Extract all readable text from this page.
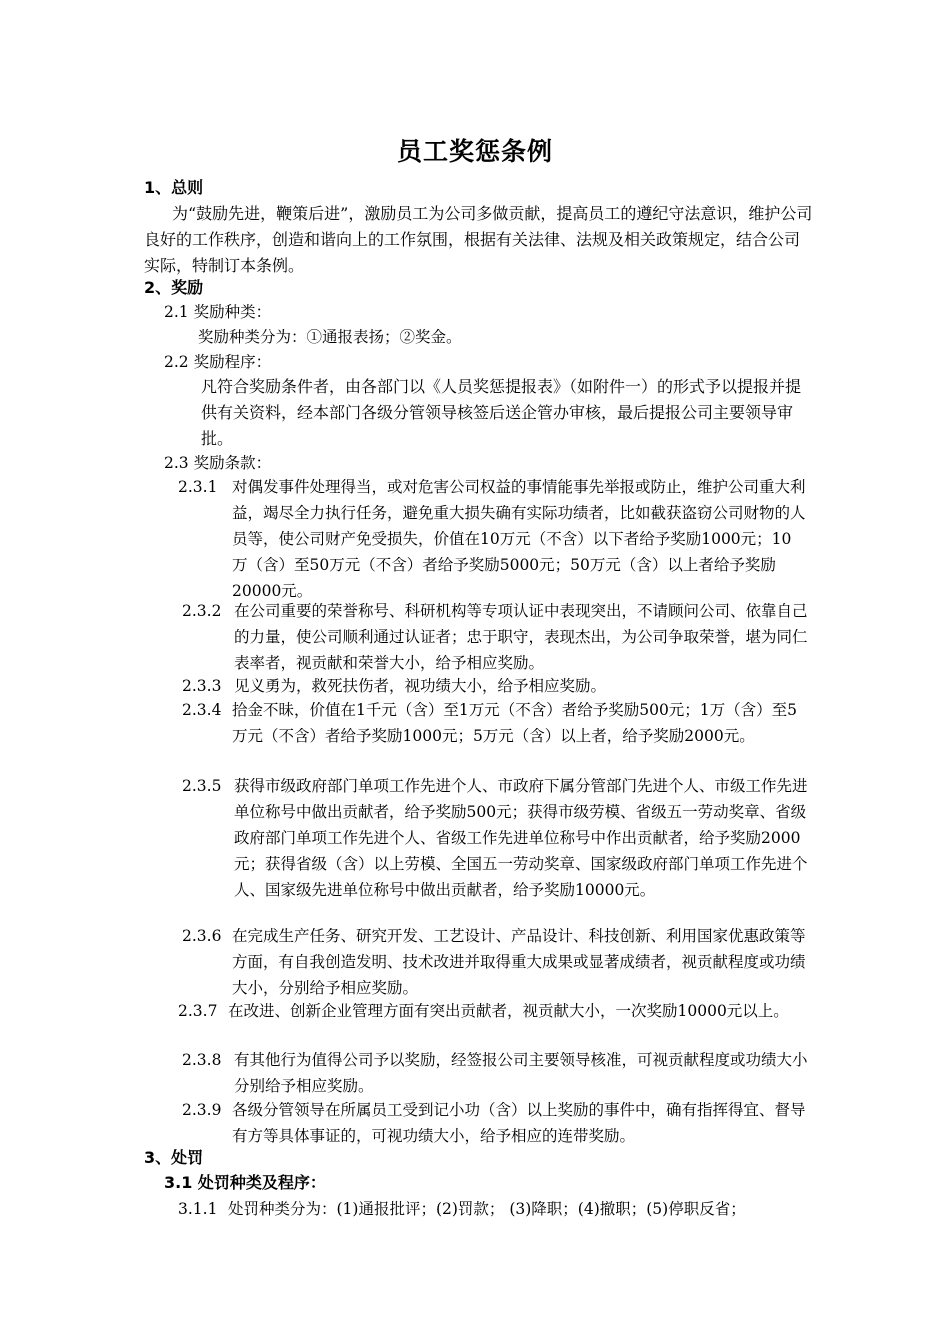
员工奖惩条例
1、总则
为“鼓励先进，鞭策后进”，激励员工为公司多做贡献，提高员工的遵纪守法意识，维护公司良好的工作秩序，创造和谐向上的工作氛围，根据有关法律、法规及相关政策规定，结合公司实际，特制订本条例。
2、奖励
2.1 奖励种类：
奖励种类分为：①通报表扬；②奖金。
2.2 奖励程序：
凡符合奖励条件者，由各部门以《人员奖惩提报表》（如附件一）的形式予以提报并提供有关资料，经本部门各级分管领导核签后送企管办审核，最后提报公司主要领导审批。
2.3 奖励条款：
2.3.1 对偶发事件处理得当，或对危害公司权益的事情能事先举报或防止，维护公司重大利益，竭尽全力执行任务，避免重大损失确有实际功绩者，比如截获盗窃公司财物的人员等，使公司财产免受损失，价值在10万元（不含）以下者给予奖励1000元；10万（含）至50万元（不含）者给予奖励5000元；50万元（含）以上者给予奖励20000元。
2.3.2 在公司重要的荣誉称号、科研机构等专项认证中表现突出，不请顾问公司、依靠自己的力量，使公司顺利通过认证者；忠于职守，表现杰出，为公司争取荣誉，堪为同仁表率者，视贡献和荣誉大小，给予相应奖励。
2.3.3 见义勇为，救死扶伤者，视功绩大小，给予相应奖励。
2.3.4 拾金不昧，价值在1千元（含）至1万元（不含）者给予奖励500元；1万（含）至5万元（不含）者给予奖励1000元；5万元（含）以上者，给予奖励2000元。
2.3.5 获得市级政府部门单项工作先进个人、市政府下属分管部门先进个人、市级工作先进单位称号中做出贡献者，给予奖励500元；获得市级劳模、省级五一劳动奖章、省级政府部门单项工作先进个人、省级工作先进单位称号中作出贡献者，给予奖励2000元；获得省级（含）以上劳模、全国五一劳动奖章、国家级政府部门单项工作先进个人、国家级先进单位称号中做出贡献者，给予奖励10000元。
2.3.6 在完成生产任务、研究开发、工艺设计、产品设计、科技创新、利用国家优惠政策等方面，有自我创造发明、技术改进并取得重大成果或显著成绩者，视贡献程度或功绩大小，分别给予相应奖励。
2.3.7 在改进、创新企业管理方面有突出贡献者，视贡献大小，一次奖励10000元以上。
2.3.8 有其他行为值得公司予以奖励，经签报公司主要领导核准，可视贡献程度或功绩大小分别给予相应奖励。
2.3.9 各级分管领导在所属员工受到记小功（含）以上奖励的事件中，确有指挥得宜、督导有方等具体事证的，可视功绩大小，给予相应的连带奖励。
3、处罚
3.1 处罚种类及程序：
3.1.1 处罚种类分为：(1)通报批评；(2)罚款； (3)降职；(4)撤职；(5)停职反省；
